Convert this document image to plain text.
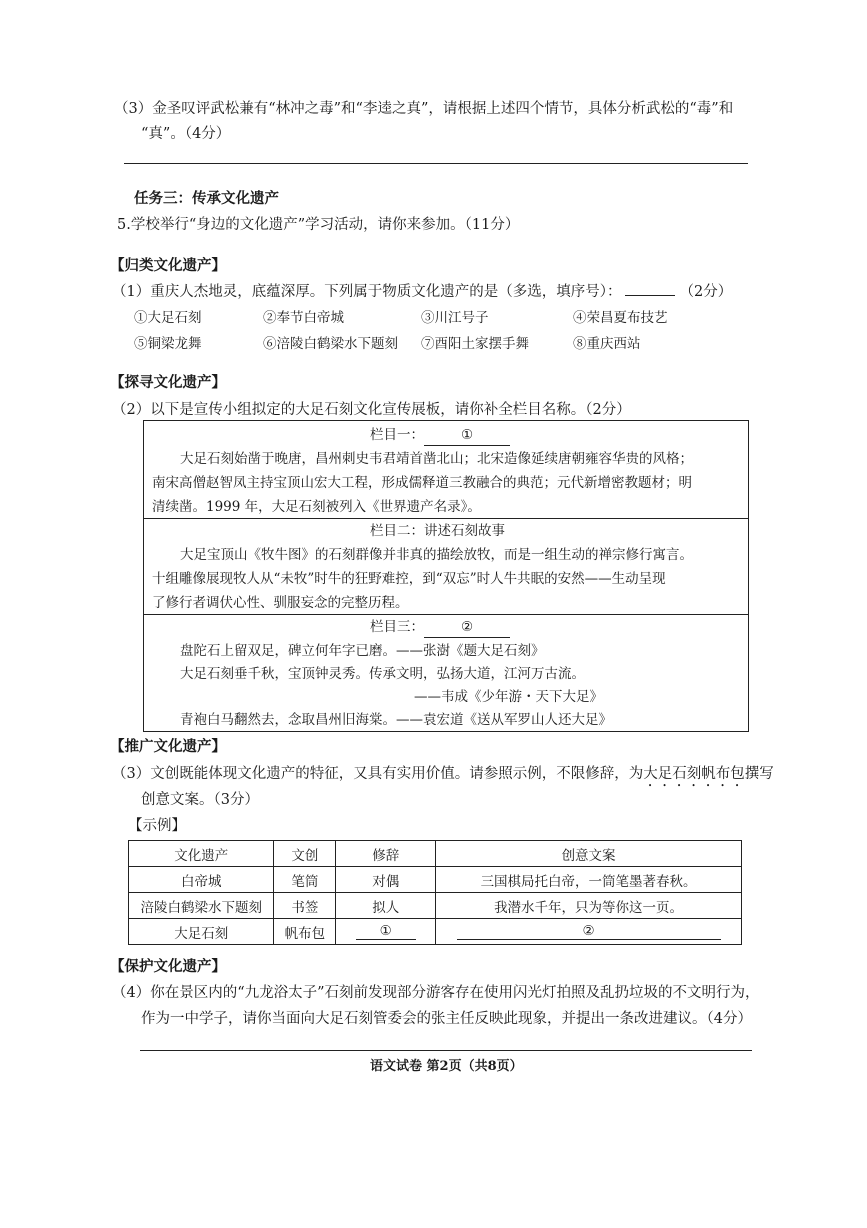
（3）金圣叹评武松兼有“林冲之毒”和“李逵之真”，请根据上述四个情节，具体分析武松的“毒”和
“真”。（4分）
任务三：传承文化遗产
5.学校举行“身边的文化遗产”学习活动，请你来参加。（11分）
【归类文化遗产】
（1）重庆人杰地灵，底蕴深厚。下列属于物质文化遗产的是（多选，填序号）：	（2分）
①大足石刻	②奉节白帝城	③川江号子	④荣昌夏布技艺
⑤铜梁龙舞	⑥涪陵白鹤梁水下题刻 ⑦酉阳土家摆手舞	⑧重庆西站
【探寻文化遗产】
（2）以下是宣传小组拟定的大足石刻文化宣传展板，请你补全栏目名称。（2分）
栏目一：	①
大足石刻始凿于晚唐，昌州刺史韦君靖首凿北山；北宋造像延续唐朝雍容华贵的风格；
南宋高僧赵智凤主持宝顶山宏大工程，形成儒释道三教融合的典范；元代新增密教题材；明
清续凿。1999 年，大足石刻被列入《世界遗产名录》。
栏目二：讲述石刻故事
大足宝顶山《牧牛图》的石刻群像并非真的描绘放牧，而是一组生动的禅宗修行寓言。
十组雕像展现牧人从“未牧”时牛的狂野难控，到“双忘”时人牛共眠的安然——生动呈现
了修行者调伏心性、驯服妄念的完整历程。
栏目三：	②
盘陀石上留双足，碑立何年字已磨。——张澍《题大足石刻》
大足石刻垂千秋，宝顶钟灵秀。传承文明，弘扬大道，江河万古流。
——韦成《少年游・天下大足》
青袍白马翻然去，念取昌州旧海棠。——袁宏道《送从军罗山人还大足》
【推广文化遗产】
（3）文创既能体现文化遗产的特征，又具有实用价值。请参照示例，不限修辞，为大足石刻帆布包撰写
创意文案。（3分）
【示例】
文化遗产	文创	修辞	创意文案
白帝城	笔筒	对偶	三国棋局托白帝，一筒笔墨著春秋。
涪陵白鹤梁水下题刻	书签	拟人	我潜水千年，只为等你这一页。
大足石刻	帆布包	①	②
【保护文化遗产】
（4）你在景区内的“九龙浴太子”石刻前发现部分游客存在使用闪光灯拍照及乱扔垃圾的不文明行为，
作为一中学子，请你当面向大足石刻管委会的张主任反映此现象，并提出一条改进建议。（4分）
语文试卷 第2页（共8页）
